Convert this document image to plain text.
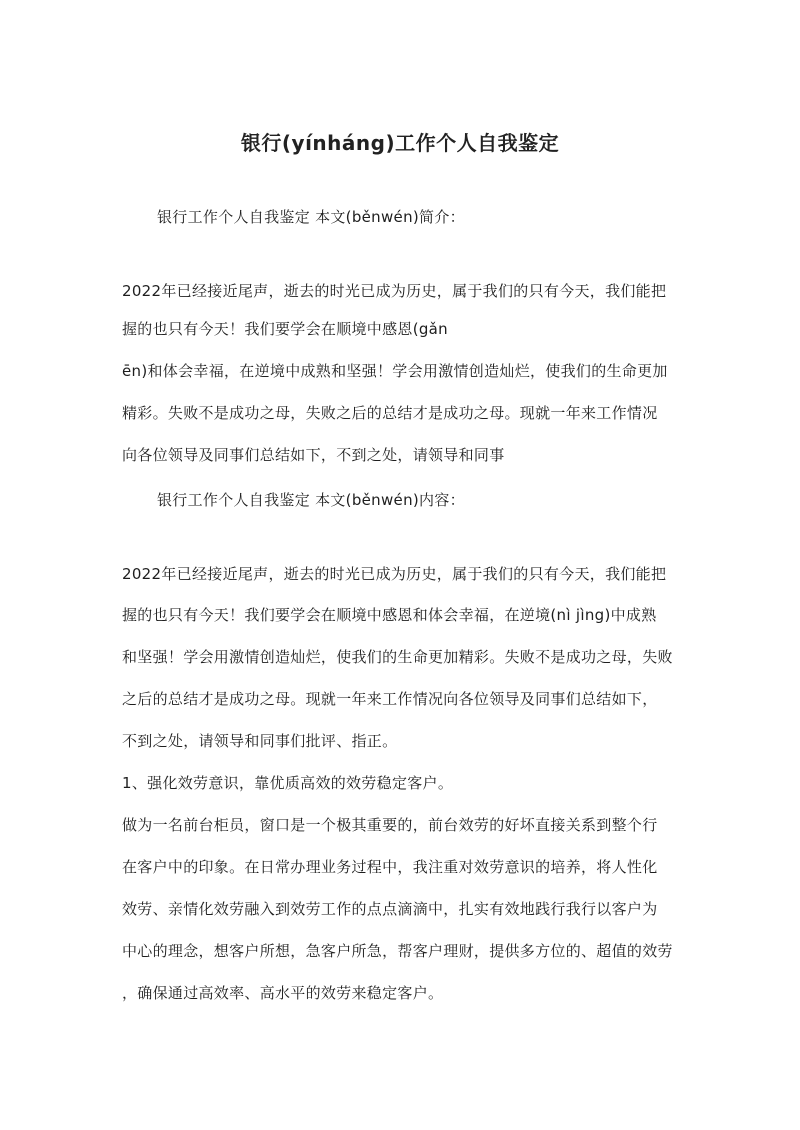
银行(yínháng)工作个人自我鉴定
银行工作个人自我鉴定 本文(běnwén)简介：
2022年已经接近尾声，逝去的时光已成为历史，属于我们的只有今天，我们能把
握的也只有今天！我们要学会在顺境中感恩(gǎn
ēn)和体会幸福，在逆境中成熟和坚强！学会用激情创造灿烂，使我们的生命更加
精彩。失败不是成功之母，失败之后的总结才是成功之母。现就一年来工作情况
向各位领导及同事们总结如下，不到之处，请领导和同事
银行工作个人自我鉴定 本文(běnwén)内容：
2022年已经接近尾声，逝去的时光已成为历史，属于我们的只有今天，我们能把
握的也只有今天！我们要学会在顺境中感恩和体会幸福，在逆境(nì jìng)中成熟
和坚强！学会用激情创造灿烂，使我们的生命更加精彩。失败不是成功之母，失败
之后的总结才是成功之母。现就一年来工作情况向各位领导及同事们总结如下，
不到之处，请领导和同事们批评、指正。
1、强化效劳意识，靠优质高效的效劳稳定客户。
做为一名前台柜员，窗口是一个极其重要的，前台效劳的好坏直接关系到整个行
在客户中的印象。在日常办理业务过程中，我注重对效劳意识的培养，将人性化
效劳、亲情化效劳融入到效劳工作的点点滴滴中，扎实有效地践行我行以客户为
中心的理念，想客户所想，急客户所急，帮客户理财，提供多方位的、超值的效劳
，确保通过高效率、高水平的效劳来稳定客户。
